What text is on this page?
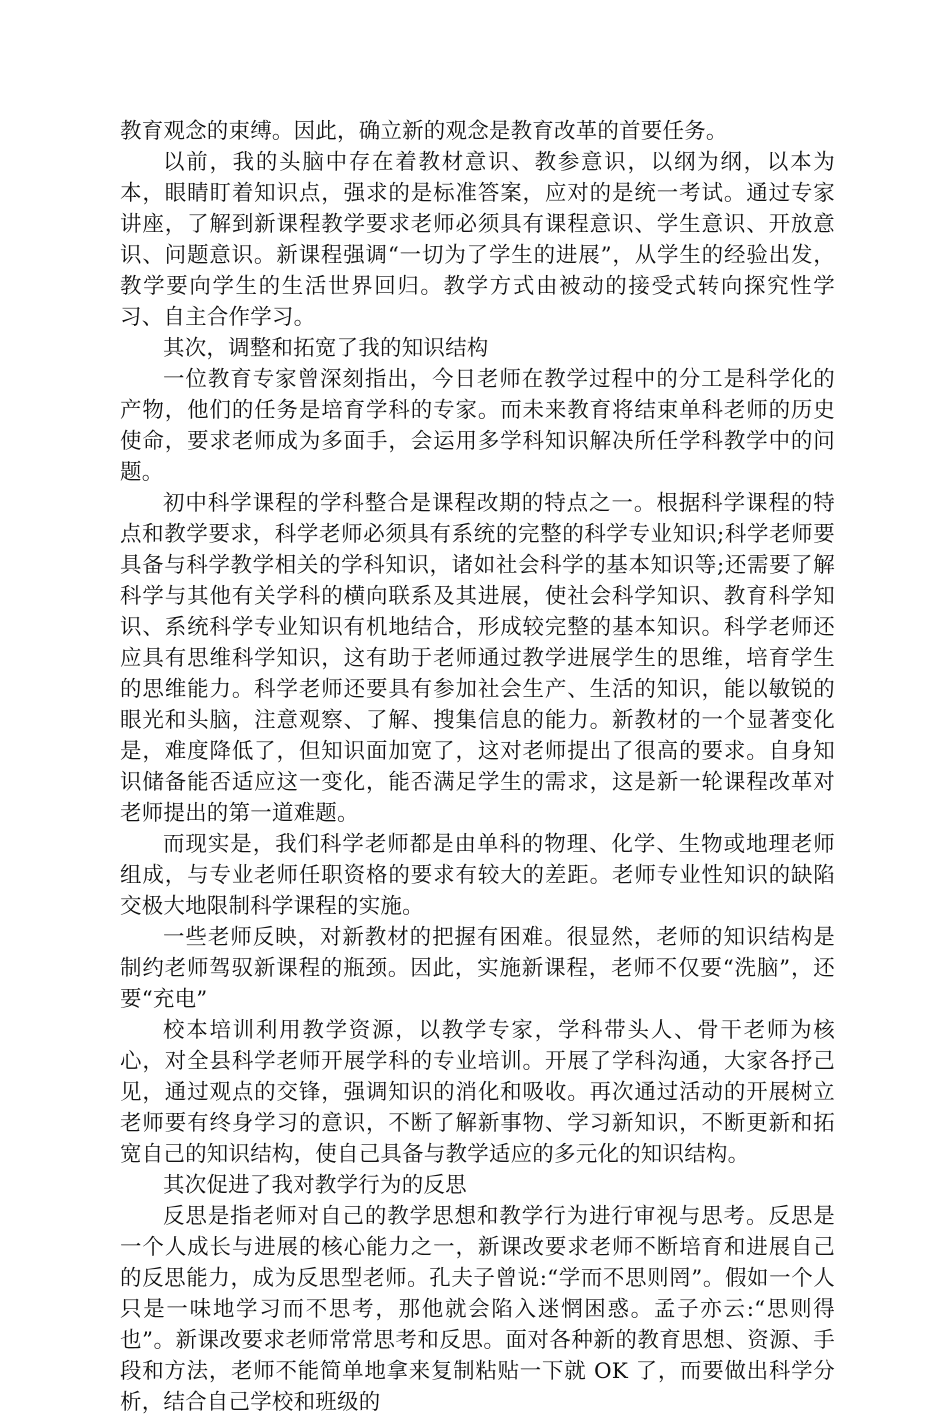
教育观念的束缚。因此，确立新的观念是教育改革的首要任务。

以前，我的头脑中存在着教材意识、教参意识，以纲为纲，以本为本，眼睛盯着知识点，强求的是标准答案，应对的是统一考试。通过专家讲座，了解到新课程教学要求老师必须具有课程意识、学生意识、开放意识、问题意识。新课程强调“一切为了学生的进展”，从学生的经验出发，教学要向学生的生活世界回归。教学方式由被动的接受式转向探究性学习、自主合作学习。

其次，调整和拓宽了我的知识结构

一位教育专家曾深刻指出，今日老师在教学过程中的分工是科学化的产物，他们的任务是培育学科的专家。而未来教育将结束单科老师的历史使命，要求老师成为多面手，会运用多学科知识解决所任学科教学中的问题。

初中科学课程的学科整合是课程改期的特点之一。根据科学课程的特点和教学要求，科学老师必须具有系统的完整的科学专业知识;科学老师要具备与科学教学相关的学科知识，诸如社会科学的基本知识等;还需要了解科学与其他有关学科的横向联系及其进展，使社会科学知识、教育科学知识、系统科学专业知识有机地结合，形成较完整的基本知识。科学老师还应具有思维科学知识，这有助于老师通过教学进展学生的思维，培育学生的思维能力。科学老师还要具有参加社会生产、生活的知识，能以敏锐的眼光和头脑，注意观察、了解、搜集信息的能力。新教材的一个显著变化是，难度降低了，但知识面加宽了，这对老师提出了很高的要求。自身知识储备能否适应这一变化，能否满足学生的需求，这是新一轮课程改革对老师提出的第一道难题。

而现实是，我们科学老师都是由单科的物理、化学、生物或地理老师组成，与专业老师任职资格的要求有较大的差距。老师专业性知识的缺陷交极大地限制科学课程的实施。

一些老师反映，对新教材的把握有困难。很显然，老师的知识结构是制约老师驾驭新课程的瓶颈。因此，实施新课程，老师不仅要“洗脑”，还要“充电”

校本培训利用教学资源，以教学专家，学科带头人、骨干老师为核心，对全县科学老师开展学科的专业培训。开展了学科沟通，大家各抒己见，通过观点的交锋，强调知识的消化和吸收。再次通过活动的开展树立老师要有终身学习的意识，不断了解新事物、学习新知识，不断更新和拓宽自己的知识结构，使自己具备与教学适应的多元化的知识结构。

其次促进了我对教学行为的反思

反思是指老师对自己的教学思想和教学行为进行审视与思考。反思是一个人成长与进展的核心能力之一，新课改要求老师不断培育和进展自己的反思能力，成为反思型老师。孔夫子曾说:“学而不思则罔”。假如一个人只是一味地学习而不思考，那他就会陷入迷惘困惑。孟子亦云:“思则得也”。新课改要求老师常常思考和反思。面对各种新的教育思想、资源、手段和方法，老师不能简单地拿来复制粘贴一下就 OK 了，而要做出科学分析，结合自己学校和班级的
